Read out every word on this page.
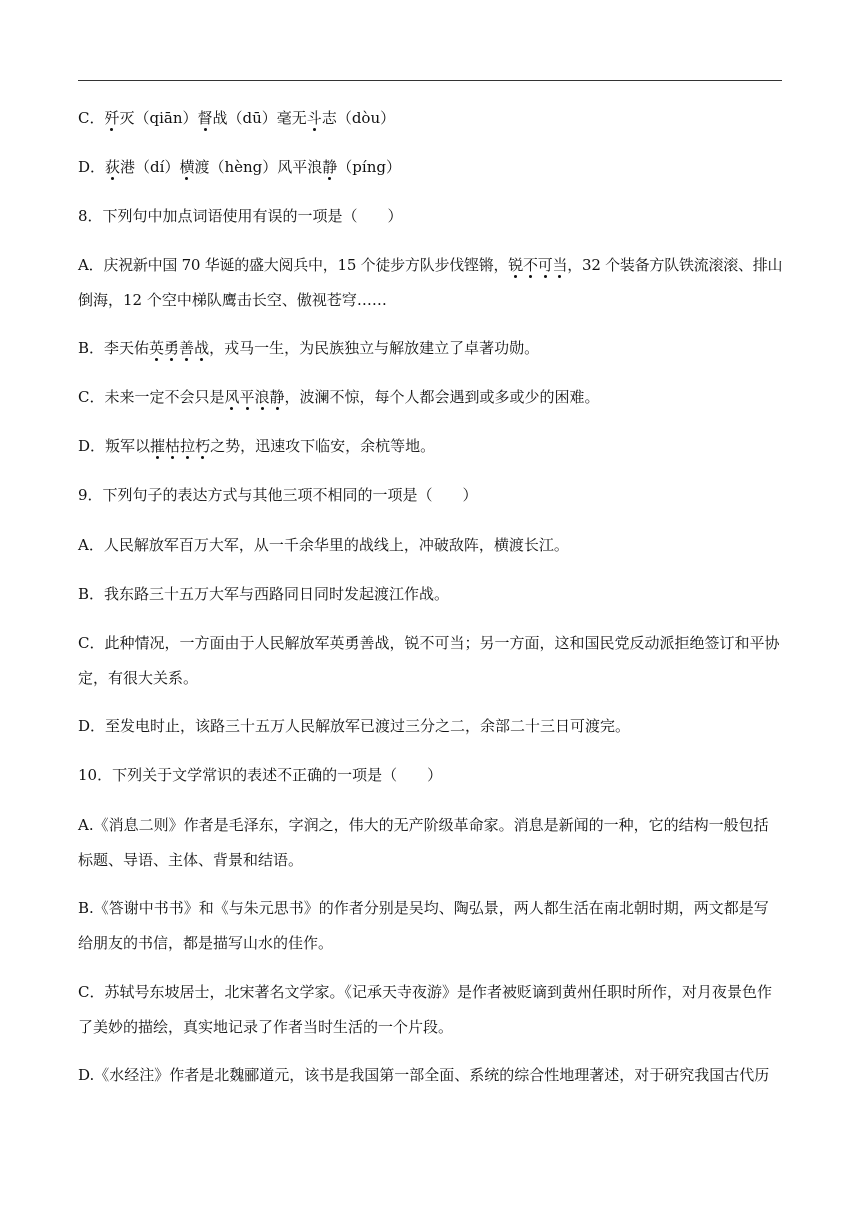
C．歼灭（qiān）督战（dū）毫无斗志（dòu）
D．荻港（dí）横渡（hèng）风平浪静（píng）
8．下列句中加点词语使用有误的一项是（　　）
A．庆祝新中国 70 华诞的盛大阅兵中，15 个徒步方队步伐铿锵，锐不可当，32 个装备方队铁流滚滚、排山
倒海，12 个空中梯队鹰击长空、傲视苍穹……
B．李天佑英勇善战，戎马一生，为民族独立与解放建立了卓著功勋。
C．未来一定不会只是风平浪静，波澜不惊，每个人都会遇到或多或少的困难。
D．叛军以摧枯拉朽之势，迅速攻下临安，余杭等地。
9．下列句子的表达方式与其他三项不相同的一项是（　　）
A．人民解放军百万大军，从一千余华里的战线上，冲破敌阵，横渡长江。
B．我东路三十五万大军与西路同日同时发起渡江作战。
C．此种情况，一方面由于人民解放军英勇善战，锐不可当；另一方面，这和国民党反动派拒绝签订和平协
定，有很大关系。
D．至发电时止，该路三十五万人民解放军已渡过三分之二，余部二十三日可渡完。
10．下列关于文学常识的表述不正确的一项是（　　）
A.《消息二则》作者是毛泽东，字润之，伟大的无产阶级革命家。消息是新闻的一种，它的结构一般包括
标题、导语、主体、背景和结语。
B.《答谢中书书》和《与朱元思书》的作者分别是吴均、陶弘景，两人都生活在南北朝时期，两文都是写
给朋友的书信，都是描写山水的佳作。
C．苏轼号东坡居士，北宋著名文学家。《记承天寺夜游》是作者被贬谪到黄州任职时所作，对月夜景色作
了美妙的描绘，真实地记录了作者当时生活的一个片段。
D.《水经注》作者是北魏郦道元，该书是我国第一部全面、系统的综合性地理著述，对于研究我国古代历
